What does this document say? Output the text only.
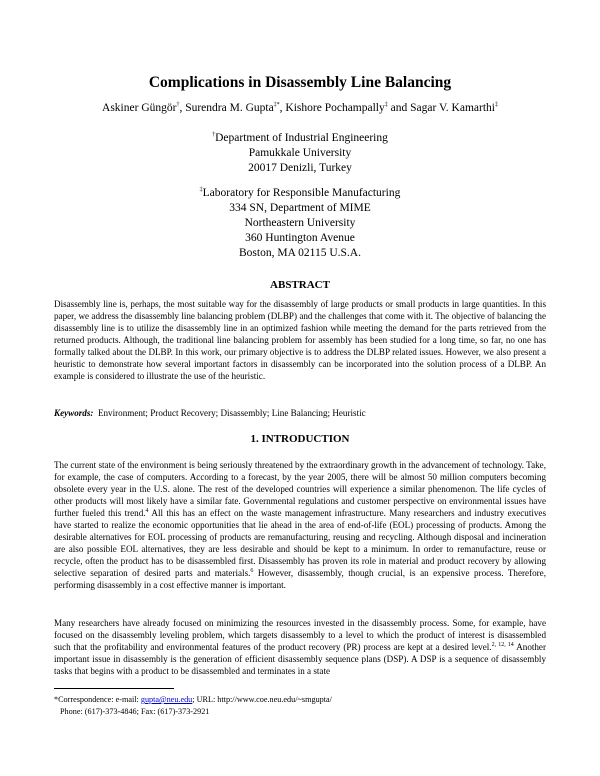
Complications in Disassembly Line Balancing
Askiner Güngör†, Surendra M. Gupta‡*, Kishore Pochampally‡ and Sagar V. Kamarthi‡
†Department of Industrial Engineering
Pamukkale University
20017 Denizli, Turkey
‡Laboratory for Responsible Manufacturing
334 SN, Department of MIME
Northeastern University
360 Huntington Avenue
Boston, MA 02115 U.S.A.
ABSTRACT

Disassembly line is, perhaps, the most suitable way for the disassembly of large products or small products in large quantities. In this paper, we address the disassembly line balancing problem (DLBP) and the challenges that come with it. The objective of balancing the disassembly line is to utilize the disassembly line in an optimized fashion while meeting the demand for the parts retrieved from the returned products. Although, the traditional line balancing problem for assembly has been studied for a long time, so far, no one has formally talked about the DLBP. In this work, our primary objective is to address the DLBP related issues. However, we also present a heuristic to demonstrate how several important factors in disassembly can be incorporated into the solution process of a DLBP. An example is considered to illustrate the use of the heuristic.

Keywords:  Environment; Product Recovery; Disassembly; Line Balancing; Heuristic

1. INTRODUCTION

The current state of the environment is being seriously threatened by the extraordinary growth in the advancement of technology. Take, for example, the case of computers. According to a forecast, by the year 2005, there will be almost 50 million computers becoming obsolete every year in the U.S. alone. The rest of the developed countries will experience a similar phenomenon. The life cycles of other products will most likely have a similar fate. Governmental regulations and customer perspective on environmental issues have further fueled this trend.$^4$ All this has an effect on the waste management infrastructure. Many researchers and industry executives have started to realize the economic opportunities that lie ahead in the area of end-of-life (EOL) processing of products. Among the desirable alternatives for EOL processing of products are remanufacturing, reusing and recycling. Although disposal and incineration are also possible EOL alternatives, they are less desirable and should be kept to a minimum. In order to remanufacture, reuse or recycle, often the product has to be disassembled first. Disassembly has proven its role in material and product recovery by allowing selective separation of desired parts and materials.$^6$ However, disassembly, though crucial, is an expensive process. Therefore, performing disassembly in a cost effective manner is important.

Many researchers have already focused on minimizing the resources invested in the disassembly process. Some, for example, have focused on the disassembly leveling problem, which targets disassembly to a level to which the product of interest is disassembled such that the profitability and environmental features of the product recovery (PR) process are kept at a desired level.$^{2, 12, 14}$ Another important issue in disassembly is the generation of efficient disassembly sequence plans (DSP). A DSP is a sequence of disassembly tasks that begins with a product to be disassembled and terminates in a state

*Correspondence: e-mail: gupta@neu.edu; URL: http://www.coe.neu.edu/~smgupta/
Phone: (617)-373-4846; Fax: (617)-373-2921
